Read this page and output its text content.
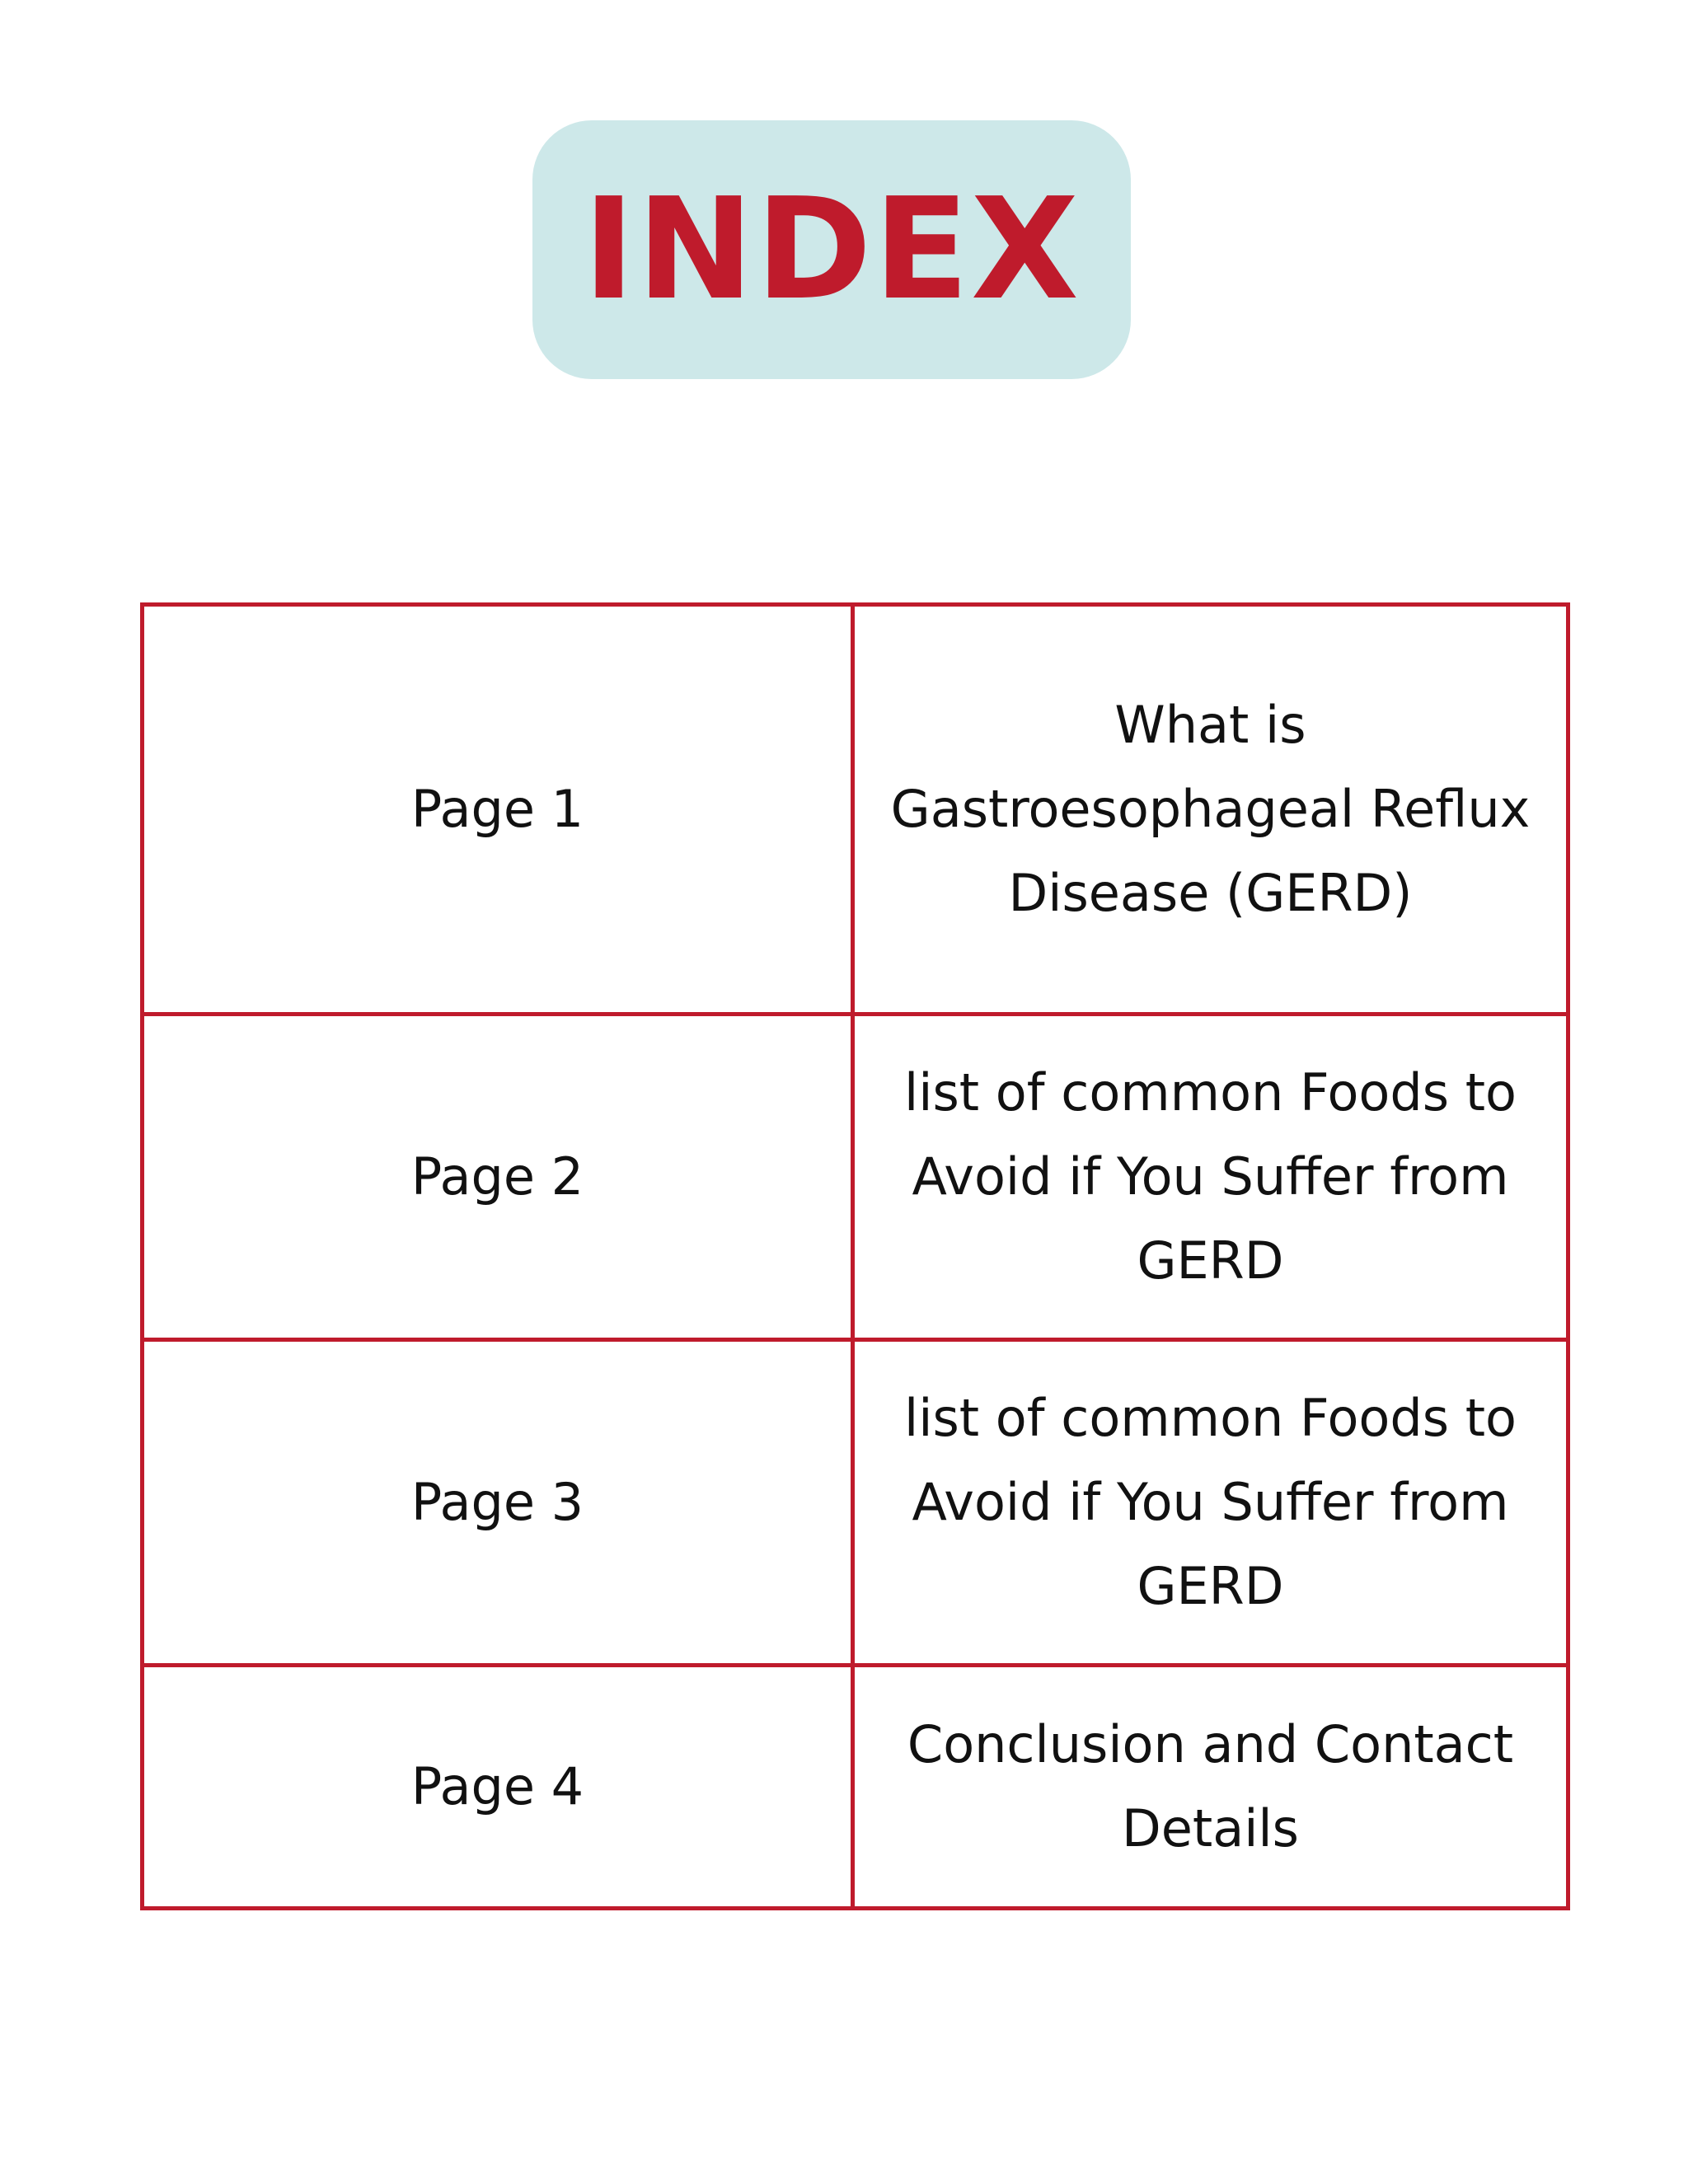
INDEX
Page 1	What is Gastroesophageal Reflux Disease (GERD)
Page 2	list of common Foods to Avoid if You Suffer from GERD
Page 3	list of common Foods to Avoid if You Suffer from GERD
Page 4	Conclusion and Contact Details
